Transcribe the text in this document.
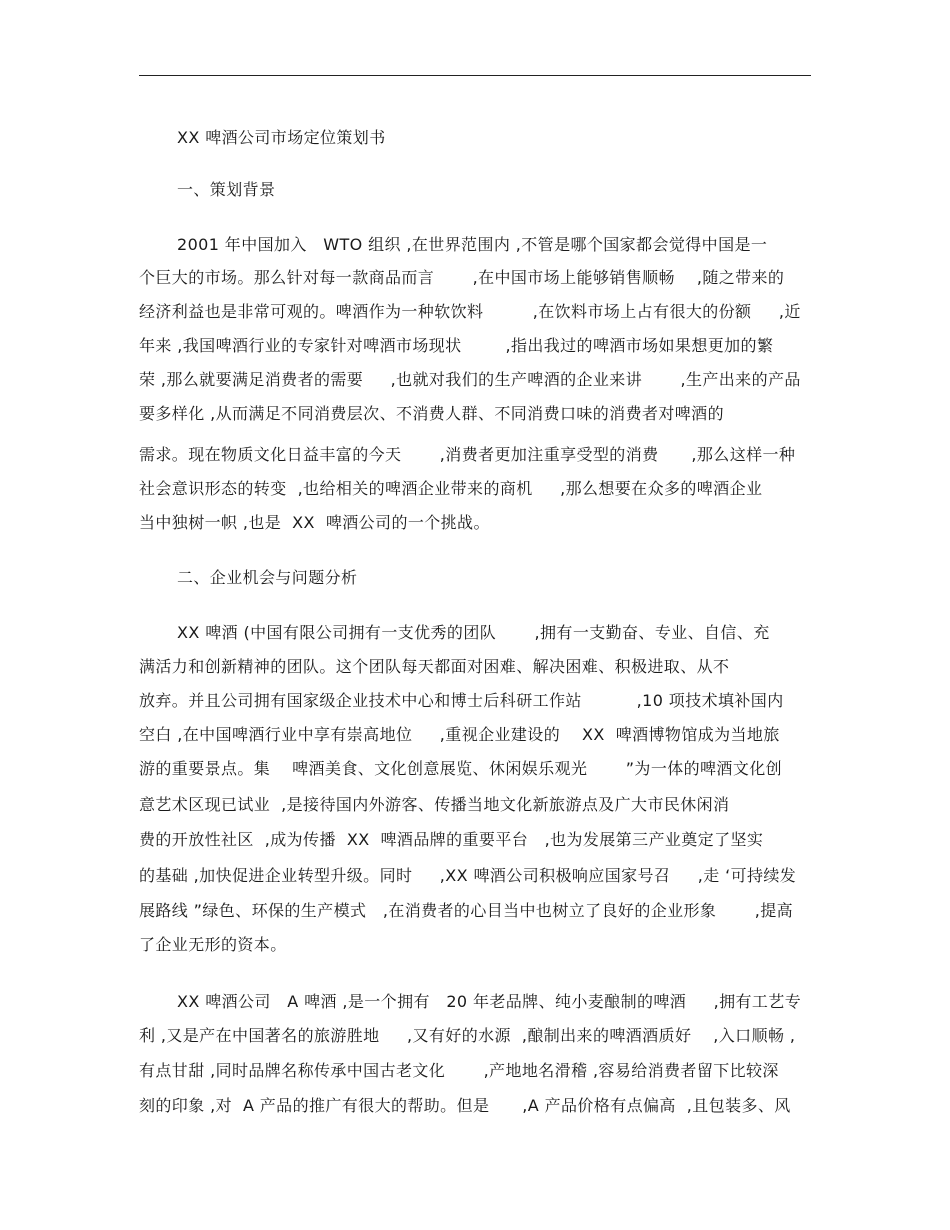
XX 啤酒公司市场定位策划书
一、策划背景
2001 年中国加入   WTO 组织 ,在世界范围内 ,不管是哪个国家都会觉得中国是一
个巨大的市场。那么针对每一款商品而言       ,在中国市场上能够销售顺畅    ,随之带来的
经济利益也是非常可观的。啤酒作为一种软饮料         ,在饮料市场上占有很大的份额     ,近
年来 ,我国啤酒行业的专家针对啤酒市场现状        ,指出我过的啤酒市场如果想更加的繁
荣 ,那么就要满足消费者的需要     ,也就对我们的生产啤酒的企业来讲       ,生产出来的产品
要多样化 ,从而满足不同消费层次、不消费人群、不同消费口味的消费者对啤酒的
需求。现在物质文化日益丰富的今天       ,消费者更加注重享受型的消费      ,那么这样一种
社会意识形态的转变  ,也给相关的啤酒企业带来的商机     ,那么想要在众多的啤酒企业
当中独树一帜 ,也是  XX  啤酒公司的一个挑战。
二、企业机会与问题分析
XX 啤酒 (中国有限公司拥有一支优秀的团队       ,拥有一支勤奋、专业、自信、充
满活力和创新精神的团队。这个团队每天都面对困难、解决困难、积极进取、从不
放弃。并且公司拥有国家级企业技术中心和博士后科研工作站          ,10 项技术填补国内
空白 ,在中国啤酒行业中享有崇高地位     ,重视企业建设的    XX  啤酒博物馆成为当地旅
游的重要景点。集    啤酒美食、文化创意展览、休闲娱乐观光       ”为一体的啤酒文化创
意艺术区现已试业  ,是接待国内外游客、传播当地文化新旅游点及广大市民休闲消
费的开放性社区  ,成为传播  XX  啤酒品牌的重要平台   ,也为发展第三产业奠定了坚实
的基础 ,加快促进企业转型升级。同时     ,XX 啤酒公司积极响应国家号召     ,走 ‘可持续发
展路线 ”绿色、环保的生产模式   ,在消费者的心目当中也树立了良好的企业形象       ,提高
了企业无形的资本。
XX 啤酒公司   A 啤酒 ,是一个拥有   20 年老品牌、纯小麦酿制的啤酒     ,拥有工艺专
利 ,又是产在中国著名的旅游胜地     ,又有好的水源  ,酿制出来的啤酒酒质好    ,入口顺畅 ,
有点甘甜 ,同时品牌名称传承中国古老文化       ,产地地名滑稽 ,容易给消费者留下比较深
刻的印象 ,对  A 产品的推广有很大的帮助。但是      ,A 产品价格有点偏高  ,且包装多、风
